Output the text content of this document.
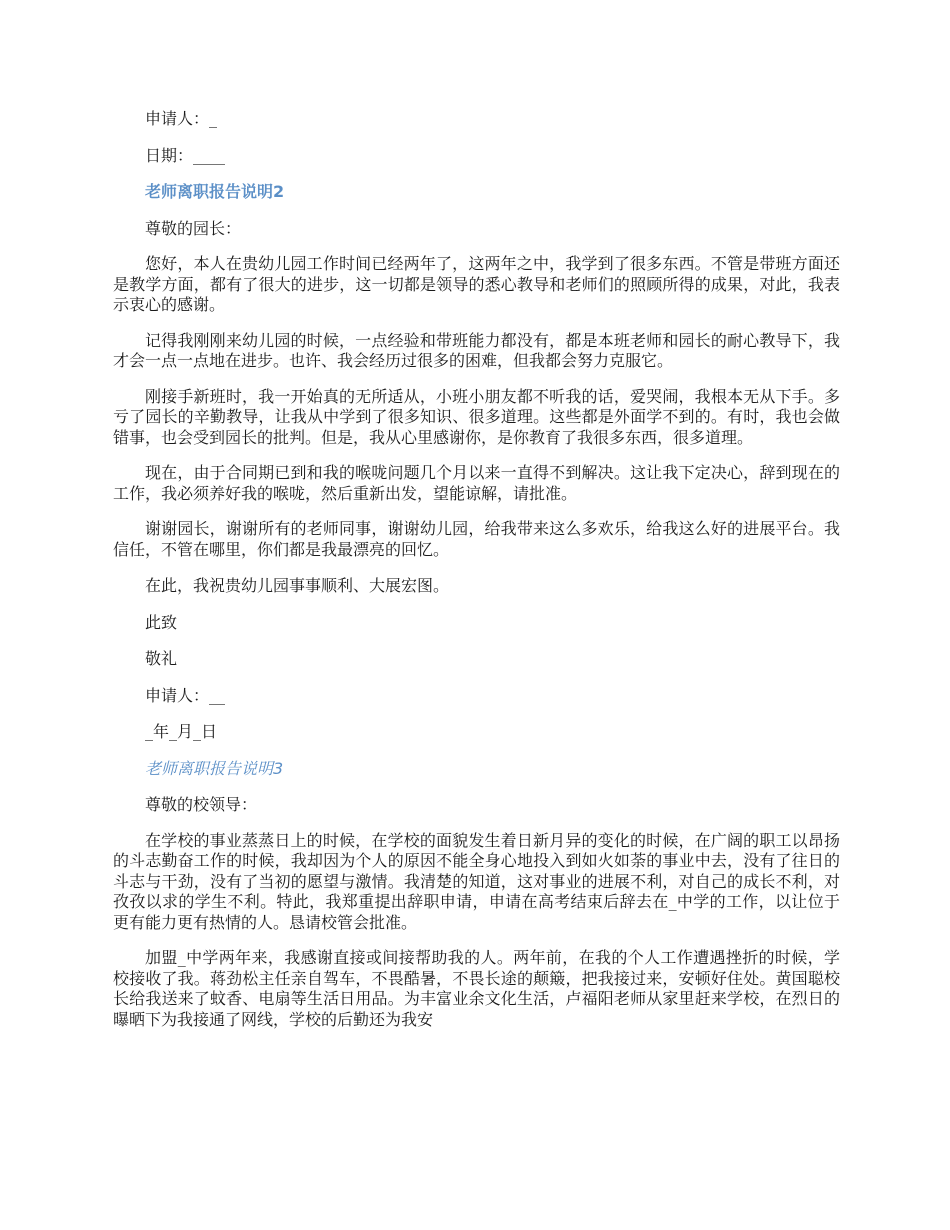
申请人：_
日期：____
老师离职报告说明2
尊敬的园长：

您好，本人在贵幼儿园工作时间已经两年了，这两年之中，我学到了很多东西。不管是带班方面还是教学方面，都有了很大的进步，这一切都是领导的悉心教导和老师们的照顾所得的成果，对此，我表示衷心的感谢。

记得我刚刚来幼儿园的时候，一点经验和带班能力都没有，都是本班老师和园长的耐心教导下，我才会一点一点地在进步。也许、我会经历过很多的困难，但我都会努力克服它。

刚接手新班时，我一开始真的无所适从，小班小朋友都不听我的话，爱哭闹，我根本无从下手。多亏了园长的辛勤教导，让我从中学到了很多知识、很多道理。这些都是外面学不到的。有时，我也会做错事，也会受到园长的批判。但是，我从心里感谢你，是你教育了我很多东西，很多道理。

现在，由于合同期已到和我的喉咙问题几个月以来一直得不到解决。这让我下定决心，辞到现在的工作，我必须养好我的喉咙，然后重新出发，望能谅解，请批准。

谢谢园长，谢谢所有的老师同事，谢谢幼儿园，给我带来这么多欢乐，给我这么好的进展平台。我信任，不管在哪里，你们都是我最漂亮的回忆。

在此，我祝贵幼儿园事事顺利、大展宏图。
此致
敬礼
申请人：__
_年_月_日
老师离职报告说明3
尊敬的校领导：

在学校的事业蒸蒸日上的时候，在学校的面貌发生着日新月异的变化的时候，在广阔的职工以昂扬的斗志勤奋工作的时候，我却因为个人的原因不能全身心地投入到如火如荼的事业中去，没有了往日的斗志与干劲，没有了当初的愿望与激情。我清楚的知道，这对事业的进展不利，对自己的成长不利，对孜孜以求的学生不利。特此，我郑重提出辞职申请，申请在高考结束后辞去在_中学的工作，以让位于更有能力更有热情的人。恳请校管会批准。

加盟_中学两年来，我感谢直接或间接帮助我的人。两年前，在我的个人工作遭遇挫折的时候，学校接收了我。蒋劲松主任亲自驾车，不畏酷暑，不畏长途的颠簸，把我接过来，安顿好住处。黄国聪校长给我送来了蚊香、电扇等生活日用品。为丰富业余文化生活，卢福阳老师从家里赶来学校，在烈日的曝晒下为我接通了网线，学校的后勤还为我安
